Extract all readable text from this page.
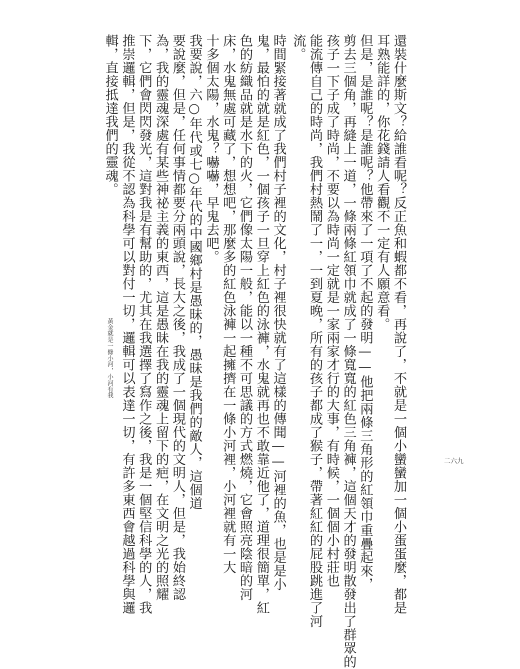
還裝什麼斯文？給誰看呢？反正魚和蝦都不看，再說了，不就是一個小蠻蠻加一個小蛋蛋麼，都是
耳熟能詳的，你花錢請人看觀不一定有人願意看。
但是，是誰呢？是誰呢？他帶來了一項了不起的發明——他把兩條三角形的紅領巾重疊起來，
剪去三個角，再縫上一道，一條兩條紅領巾就成了一條寬寬的紅色三角褲，這個天才的發明散發出了群眾的
孩子一下子成了時尚，不要以為時尚一定就是一家兩家才行的大事，有時候，一個個小村莊也
能流傳自己的時尚，我們村熱鬧了一，一到夏晚，所有的孩子都成了猴子，帶著紅紅的屁股跳進了河
流。
時間緊接著就成了我們村子裡的文化，村子裡很快就有了這樣的傳聞——河裡的魚，也是是小
鬼，最怕的就是紅色，一個孩子一旦穿上紅色的泳褲，水鬼就再也不敢靠近他了，道理很簡單，紅
色的紡織品就是水下的火，它們像太陽一般，能以一種不可思議的方式燃燒，它會照亮陰暗的河
床，水鬼無處可藏了，想想吧，那麼多的紅色泳褲一起擁擠在一條小河裡，小河裡就有一大
十多個太陽，水鬼？嚇嚇，早鬼去吧。
我要說，六○年代或七○年代的中國鄉村是愚昧的，愚昧是我們的敵人，這個道
要說麼，但是，任何事情都要分兩頭說，長大之後，我成了一個現代的文明人，但是，我始終認
為，我的靈魂深處有某些神祕主義的東西，這是愚昧在我的靈魂上留下的疤，在文明之光的照耀
下，它們會閃閃發光，這對我是有幫助的，尤其在我選擇了寫作之後，我是一個堅信科學的人，我
推崇邏輯，但是，我從不認為科學可以對付一切，邏輯可以表達一切，有許多東西會越過科學與邏
輯，直接抵達我們的靈魂。
黃金就是一條小河，小河有我
二六九
